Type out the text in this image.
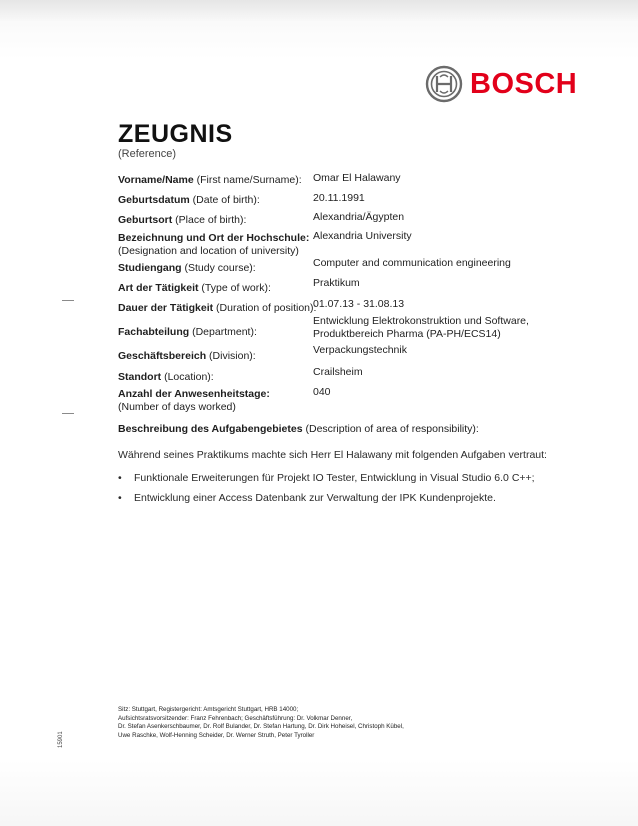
BOSCH
ZEUGNIS
(Reference)
Vorname/Name (First name/Surname):	Omar El Halawany
Geburtsdatum (Date of birth):	20.11.1991
Geburtsort (Place of birth):	Alexandria/Ägypten
Bezeichnung und Ort der Hochschule:
(Designation and location of university)
Alexandria University
Studiengang (Study course):	Computer and communication engineering
Art der Tätigkeit (Type of work):	Praktikum
Dauer der Tätigkeit (Duration of position):
01.07.13 - 31.08.13
Fachabteilung (Department):
Entwicklung Elektrokonstruktion und Software, Produktbereich Pharma (PA-PH/ECS14)
Geschäftsbereich (Division):	Verpackungstechnik
Standort (Location):	Crailsheim
Anzahl der Anwesenheitstage:
(Number of days worked)
040
Beschreibung des Aufgabengebietes (Description of area of responsibility):
Während seines Praktikums machte sich Herr El Halawany mit folgenden Aufgaben vertraut:
• Funktionale Erweiterungen für Projekt IO Tester, Entwicklung in Visual Studio 6.0 C++;
• Entwicklung einer Access Datenbank zur Verwaltung der IPK Kundenprojekte.
Sitz: Stuttgart, Registergericht: Amtsgericht Stuttgart, HRB 14000;
Aufsichtsratsvorsitzender: Franz Fehrenbach; Geschäftsführung: Dr. Volkmar Denner,
Dr. Stefan Asenkerschbaumer, Dr. Rolf Bulander, Dr. Stefan Hartung, Dr. Dirk Hoheisel, Christoph Kübel,
Uwe Raschke, Wolf-Henning Scheider, Dr. Werner Struth, Peter Tyroller
15901
